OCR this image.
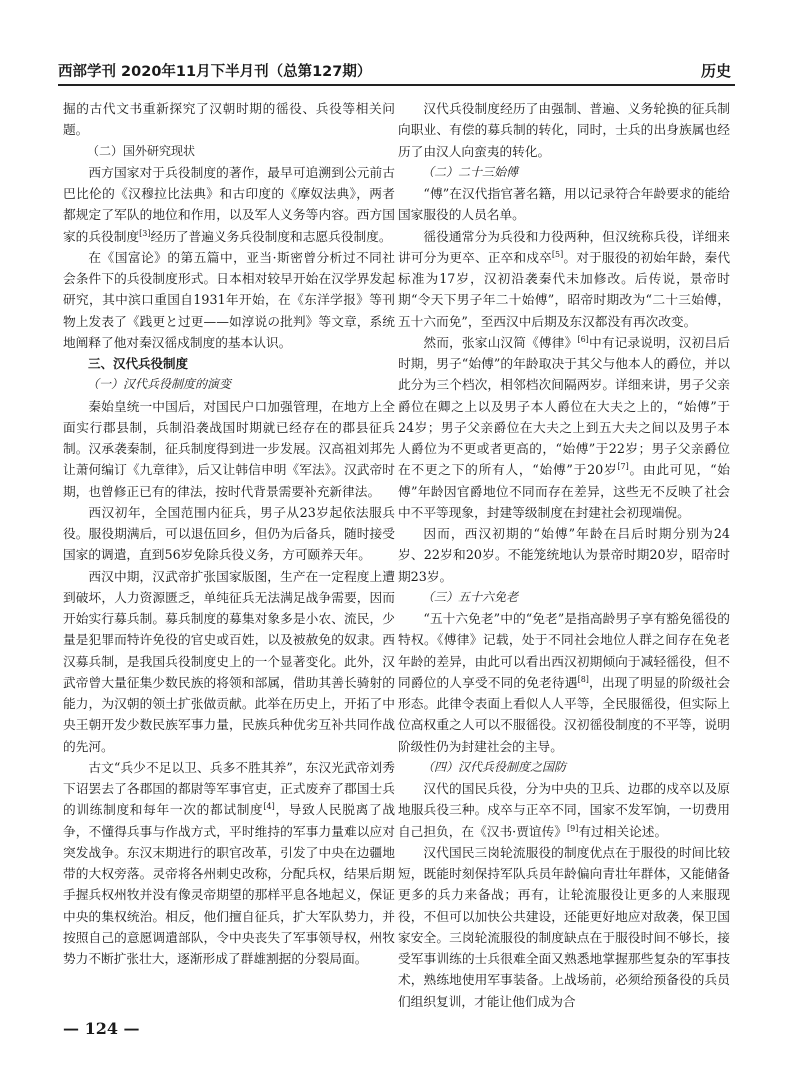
西部学刊 2020年11月下半月刊（总第127期）	历史

掘的古代文书重新探究了汉朝时期的徭役、兵役等相关问题。

（二）国外研究现状

西方国家对于兵役制度的著作，最早可追溯到公元前古巴比伦的《汉穆拉比法典》和古印度的《摩奴法典》，两者都规定了军队的地位和作用，以及军人义务等内容。西方国家的兵役制度[3]经历了普遍义务兵役制度和志愿兵役制度。

在《国富论》的第五篇中，亚当·斯密曾分析过不同社会条件下的兵役制度形式。日本相对较早开始在汉学界发起研究，其中滨口重国自1931年开始，在《东洋学报》等刊物上发表了《践更と过更——如淳说の批判》等文章，系统地阐释了他对秦汉徭戍制度的基本认识。

三、汉代兵役制度
（一）汉代兵役制度的演变

秦始皇统一中国后，对国民户口加强管理，在地方上全面实行郡县制，兵制沿袭战国时期就已经存在的郡县征兵制。汉承袭秦制，征兵制度得到进一步发展。汉高祖刘邦先让萧何编订《九章律》，后又让韩信申明《军法》。汉武帝时期，也曾修正已有的律法，按时代背景需要补充新律法。

西汉初年，全国范围内征兵，男子从23岁起依法服兵役。服役期满后，可以退伍回乡，但仍为后备兵，随时接受国家的调遣，直到56岁免除兵役义务，方可颐养天年。

西汉中期，汉武帝扩张国家版图，生产在一定程度上遭到破坏，人力资源匮乏，单纯征兵无法满足战争需要，因而开始实行募兵制。募兵制度的募集对象多是小农、流民，少量是犯罪而特许免役的官史或百姓，以及被赦免的奴隶。西汉募兵制，是我国兵役制度史上的一个显著变化。此外，汉武帝曾大量征集少数民族的将领和部属，借助其善长骑射的能力，为汉朝的领土扩张做贡献。此举在历史上，开拓了中央王朝开发少数民族军事力量，民族兵种优劣互补共同作战的先河。

古文“兵少不足以卫、兵多不胜其养”，东汉光武帝刘秀下诏罢去了各郡国的都尉等军事官吏，正式废弃了郡国士兵的训练制度和每年一次的都试制度[4]，导致人民脱离了战争，不懂得兵事与作战方式，平时维持的军事力量难以应对突发战争。东汉末期进行的职官改革，引发了中央在边疆地带的大权旁落。灵帝将各州刺史改称，分配兵权，结果后期手握兵权州牧并没有像灵帝期望的那样平息各地起义，保证中央的集权统治。相反，他们擅自征兵，扩大军队势力，并按照自己的意愿调遣部队，令中央丧失了军事领导权，州牧势力不断扩张壮大，逐渐形成了群雄割据的分裂局面。

汉代兵役制度经历了由强制、普遍、义务轮换的征兵制向职业、有偿的募兵制的转化，同时，士兵的出身族属也经历了由汉人向蛮夷的转化。

（二）二十三始傅

“傅”在汉代指官著名籍，用以记录符合年龄要求的能给国家服役的人员名单。

徭役通常分为兵役和力役两种，但汉统称兵役，详细来讲可分为更卒、正卒和戍卒[5]。对于服役的初始年龄，秦代标准为17岁，汉初沿袭秦代未加修改。后传说，景帝时期“令天下男子年二十始傅”，昭帝时期改为“二十三始傅，五十六而免”，至西汉中后期及东汉都没有再次改变。

然而，张家山汉简《傅律》[6]中有记录说明，汉初吕后时期，男子“始傅”的年龄取决于其父与他本人的爵位，并以此分为三个档次，相邻档次间隔两岁。详细来讲，男子父亲爵位在卿之上以及男子本人爵位在大夫之上的，“始傅”于24岁；男子父亲爵位在大夫之上到五大夫之间以及男子本人爵位为不更或者更高的，“始傅”于22岁；男子父亲爵位在不更之下的所有人，“始傅”于20岁[7]。由此可见，“始傅”年龄因官爵地位不同而存在差异，这些无不反映了社会中不平等现象，封建等级制度在封建社会初现端倪。

因而，西汉初期的“始傅”年龄在吕后时期分别为24岁、22岁和20岁。不能笼统地认为景帝时期20岁，昭帝时期23岁。

（三）五十六免老

“五十六免老”中的“免老”是指高龄男子享有豁免徭役的特权。《傅律》记载，处于不同社会地位人群之间存在免老年龄的差异，由此可以看出西汉初期倾向于减轻徭役，但不同爵位的人享受不同的免老待遇[8]，出现了明显的阶级社会形态。此律令表面上看似人人平等，全民服徭役，但实际上位高权重之人可以不服徭役。汉初徭役制度的不平等，说明阶级性仍为封建社会的主导。

（四）汉代兵役制度之国防

汉代的国民兵役，分为中央的卫兵、边郡的戍卒以及原地服兵役三种。戍卒与正卒不同，国家不发军饷，一切费用自己担负，在《汉书·贾谊传》[9]有过相关论述。

汉代国民三岗轮流服役的制度优点在于服役的时间比较短，既能时刻保持军队兵员年龄偏向青壮年群体，又能储备更多的兵力来备战；再有，让轮流服役让更多的人来服现役，不但可以加快公共建设，还能更好地应对敌袭，保卫国家安全。三岗轮流服役的制度缺点在于服役时间不够长，接受军事训练的士兵很难全面又熟悉地掌握那些复杂的军事技术，熟练地使用军事装备。上战场前，必须给预备役的兵员们组织复训，才能让他们成为合

— 124 —
